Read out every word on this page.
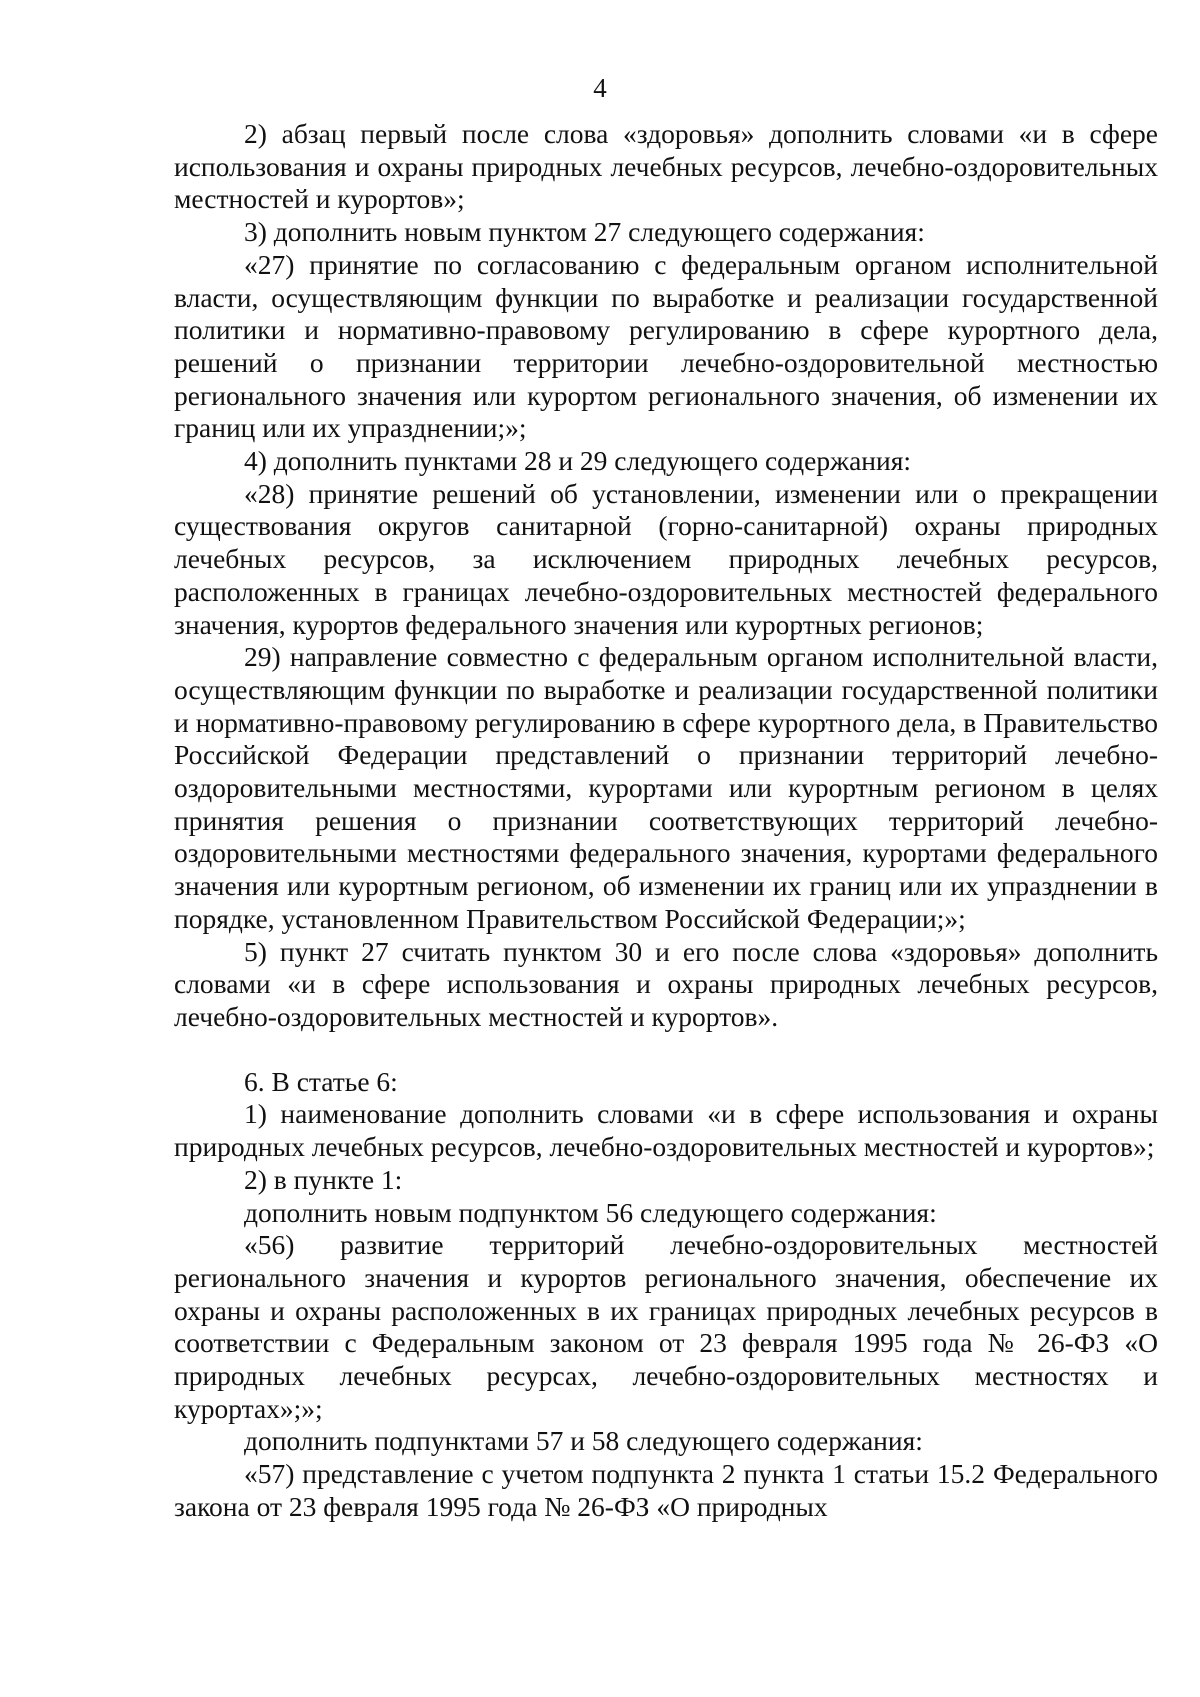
4

2) абзац первый после слова «здоровья» дополнить словами «и в сфере использования и охраны природных лечебных ресурсов, лечебно-оздоровительных местностей и курортов»;

3) дополнить новым пунктом 27 следующего содержания:

«27) принятие по согласованию с федеральным органом исполнительной власти, осуществляющим функции по выработке и реализации государственной политики и нормативно-правовому регулированию в сфере курортного дела, решений о признании территории лечебно-оздоровительной местностью регионального значения или курортом регионального значения, об изменении их границ или их упразднении;»;

4) дополнить пунктами 28 и 29 следующего содержания:

«28) принятие решений об установлении, изменении или о прекращении существования округов санитарной (горно-санитарной) охраны природных лечебных ресурсов, за исключением природных лечебных ресурсов, расположенных в границах лечебно-оздоровительных местностей федерального значения, курортов федерального значения или курортных регионов;

29) направление совместно с федеральным органом исполнительной власти, осуществляющим функции по выработке и реализации государственной политики и нормативно-правовому регулированию в сфере курортного дела, в Правительство Российской Федерации представлений о признании территорий лечебно-оздоровительными местностями, курортами или курортным регионом в целях принятия решения о признании соответствующих территорий лечебно-оздоровительными местностями федерального значения, курортами федерального значения или курортным регионом, об изменении их границ или их упразднении в порядке, установленном Правительством Российской Федерации;»;

5) пункт 27 считать пунктом 30 и его после слова «здоровья» дополнить словами «и в сфере использования и охраны природных лечебных ресурсов, лечебно-оздоровительных местностей и курортов».

6. В статье 6:

1) наименование дополнить словами «и в сфере использования и охраны природных лечебных ресурсов, лечебно-оздоровительных местностей и курортов»;

2) в пункте 1:

дополнить новым подпунктом 56 следующего содержания:

«56) развитие территорий лечебно-оздоровительных местностей регионального значения и курортов регионального значения, обеспечение их охраны и охраны расположенных в их границах природных лечебных ресурсов в соответствии с Федеральным законом от 23 февраля 1995 года № 26-ФЗ «О природных лечебных ресурсах, лечебно-оздоровительных местностях и курортах»;»;

дополнить подпунктами 57 и 58 следующего содержания:

«57) представление с учетом подпункта 2 пункта 1 статьи 15.2 Федерального закона от 23 февраля 1995 года № 26-ФЗ «О природных
